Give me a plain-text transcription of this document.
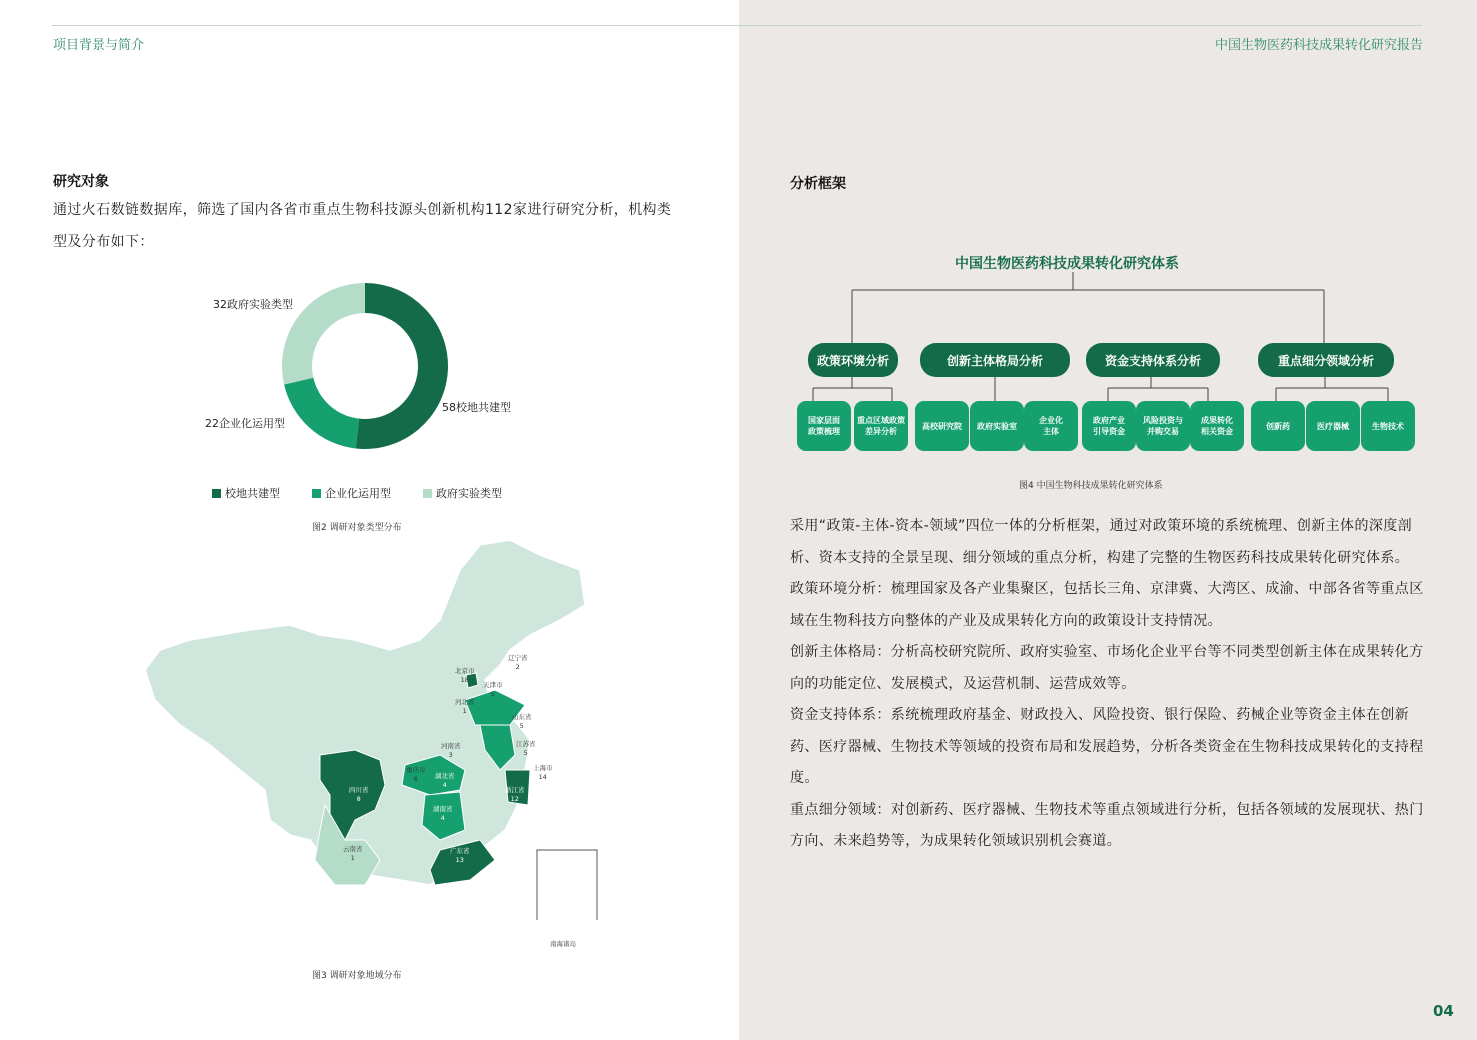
项目背景与简介	中国生物医药科技成果转化研究报告
研究对象
通过火石数链数据库，筛选了国内各省市重点生物科技源头创新机构112家进行研究分析，机构类型及分布如下：
32政府实验类型
58校地共建型
22企业化运用型
校地共建型	企业化运用型	政府实验类型
图2 调研对象类型分布
北京市
18
天津市
5
辽宁省
2
河北省
1
山东省
5
河南省
3
江苏省
5
上海市
14
重庆市
6	湖北省
4
浙江省
12
湖南省
4
四川省
8
云南省
1
广东省
13
南海诸岛
图3 调研对象地域分布
分析框架
中国生物医药科技成果转化研究体系
政策环境分析	创新主体格局分析	资金支持体系分析	重点细分领域分析
国家层面
政策梳理
重点区域政策
差异分析
高校研究院	政府实验室
企业化
主体
政府产业
引导资金
风险投资与
并购交易
成果转化
相关资金
创新药	医疗器械	生物技术
图4 中国生物科技成果转化研究体系

采用“政策-主体-资本-领域”四位一体的分析框架，通过对政策环境的系统梳理、创新主体的深度剖析、资本支持的全景呈现、细分领域的重点分析，构建了完整的生物医药科技成果转化研究体系。

政策环境分析：梳理国家及各产业集聚区，包括长三角、京津冀、大湾区、成渝、中部各省等重点区域在生物科技方向整体的产业及成果转化方向的政策设计支持情况。

创新主体格局：分析高校研究院所、政府实验室、市场化企业平台等不同类型创新主体在成果转化方向的功能定位、发展模式，及运营机制、运营成效等。

资金支持体系：系统梳理政府基金、财政投入、风险投资、银行保险、药械企业等资金主体在创新药、医疗器械、生物技术等领域的投资布局和发展趋势，分析各类资金在生物科技成果转化的支持程度。

重点细分领域：对创新药、医疗器械、生物技术等重点领域进行分析，包括各领域的发展现状、热门方向、未来趋势等，为成果转化领域识别机会赛道。

04
